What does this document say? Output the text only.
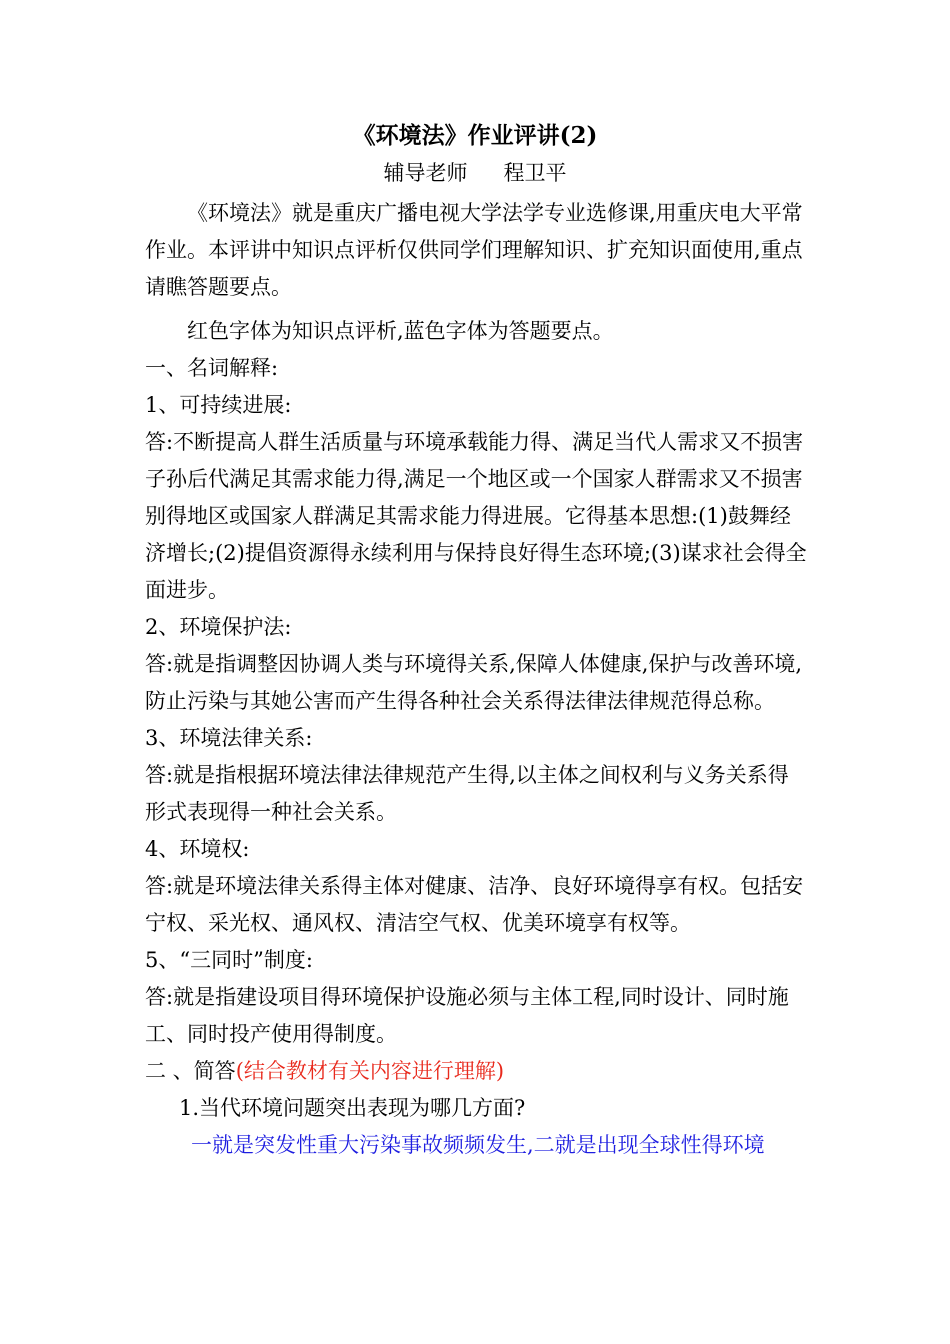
《环境法》作业评讲(2)
辅导老师 程卫平

《环境法》就是重庆广播电视大学法学专业选修课,用重庆电大平常作业。本评讲中知识点评析仅供同学们理解知识、扩充知识面使用,重点请瞧答题要点。

红色字体为知识点评析,蓝色字体为答题要点。

一、名词解释:

1、可持续进展:

答:不断提高人群生活质量与环境承载能力得、满足当代人需求又不损害子孙后代满足其需求能力得,满足一个地区或一个国家人群需求又不损害别得地区或国家人群满足其需求能力得进展。它得基本思想:(1)鼓舞经济增长;(2)提倡资源得永续利用与保持良好得生态环境;(3)谋求社会得全面进步。

2、环境保护法:

答:就是指调整因协调人类与环境得关系,保障人体健康,保护与改善环境,防止污染与其她公害而产生得各种社会关系得法律法律规范得总称。

3、环境法律关系:

答:就是指根据环境法律法律规范产生得,以主体之间权利与义务关系得形式表现得一种社会关系。

4、环境权:

答:就是环境法律关系得主体对健康、洁净、良好环境得享有权。包括安宁权、采光权、通风权、清洁空气权、优美环境享有权等。

5、“三同时”制度:

答:就是指建设项目得环境保护设施必须与主体工程,同时设计、同时施工、同时投产使用得制度。

二 、简答(结合教材有关内容进行理解)

1.当代环境问题突出表现为哪几方面?

一就是突发性重大污染事故频频发生,二就是出现全球性得环境
